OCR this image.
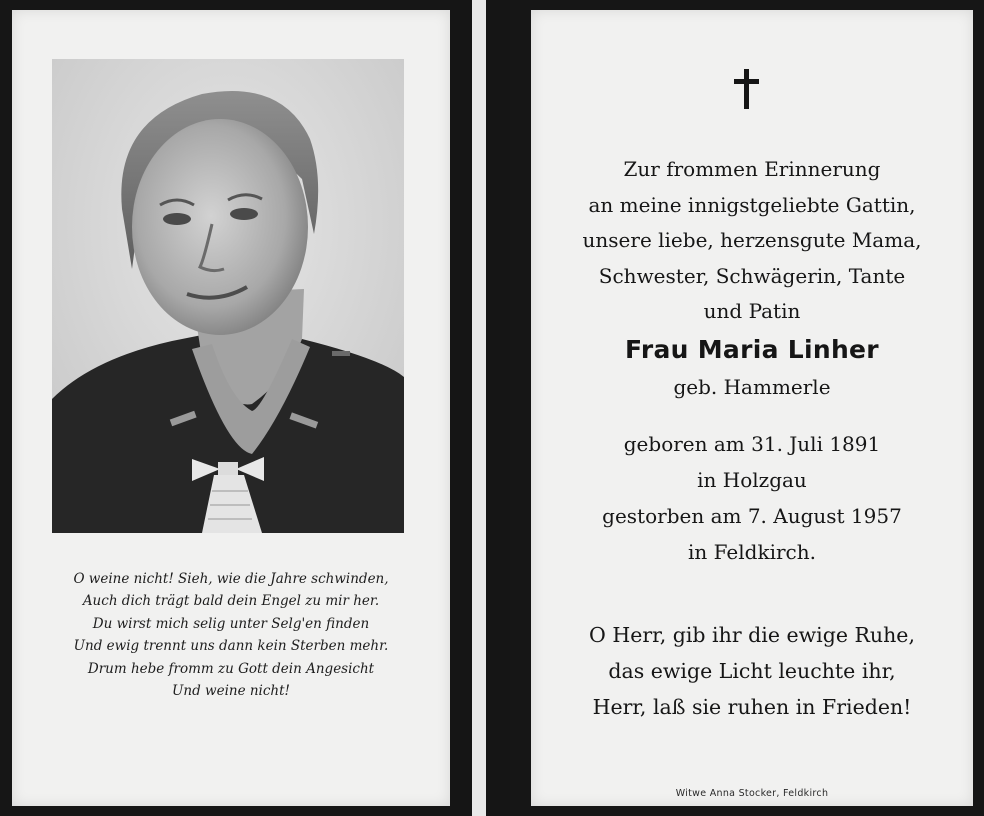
O weine nicht! Sieh, wie die Jahre schwinden,
Auch dich trägt bald dein Engel zu mir her.
Du wirst mich selig unter Selg'en finden
Und ewig trennt uns dann kein Sterben mehr.
Drum hebe fromm zu Gott dein Angesicht
Und weine nicht!
Zur frommen Erinnerung
an meine innigstgeliebte Gattin,
unsere liebe, herzensgute Mama,
Schwester, Schwägerin, Tante
und Patin
Frau Maria Linher
geb. Hammerle
geboren am 31. Juli 1891
in Holzgau
gestorben am 7. August 1957
in Feldkirch.
O Herr, gib ihr die ewige Ruhe,
das ewige Licht leuchte ihr,
Herr, laß sie ruhen in Frieden!
Witwe Anna Stocker, Feldkirch
